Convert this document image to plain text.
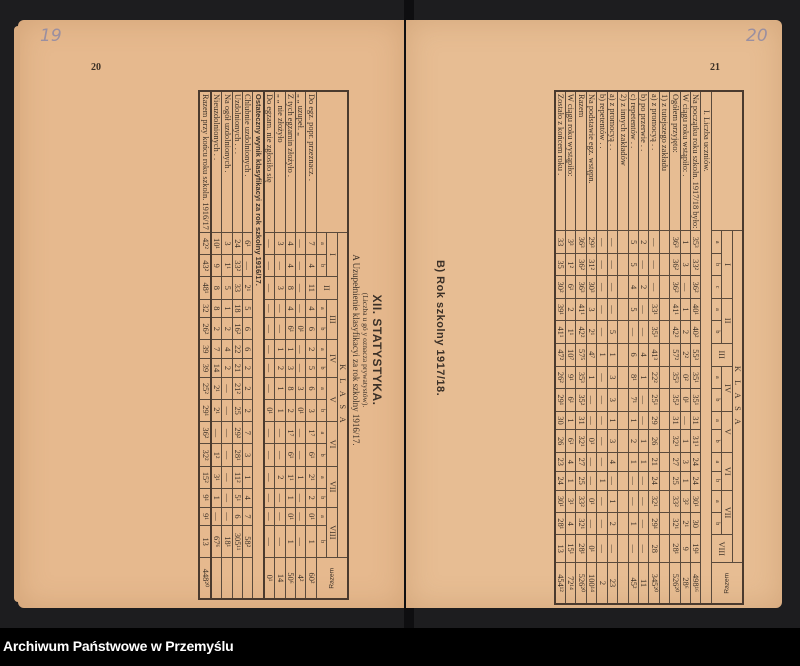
19
20
XII. STATYSTYKA.
(Liczba u gó y oznacza prywatystów).
A Uzupełnienie klasyfikacyi za rok szkolny 1916/17.
	K L A S A															Razem
	I		II	III		IV		V		VI		VII		VIII		
	a	b		a	b	a	b	a	b	a	b	a	b	a	b	
Do egz. popr. przeznacz. .	7	4	11	4	6	2	5	6	3	1⁷	6¹	2¹	2	0¹	1	60²
„ „ uzupeł. „	—	—	—	—	0¹	—	—	3	0¹	—	—	1	—	—	—	4²
Z tych egzamin złożyło .	4	4	8	4	6¹	1	3	8	2	1⁷	6¹	1¹	1	0¹	1	50⁶
„ „ nie złożyło	3	—	3	—	—	1	2	1	1	—	—	2	—	—	—	14
Do egzam. nie zgłosiło się	—	—	—	—	—	—	—	—	0¹	—	—	—	—	—	—	0¹
Ostateczny wynik klasyfikacyi za rok szkolny 1916/17.																
Chlubnie uzdolnionych .	6¹	—	2¹	5	6	6	2	2	2	7	3	1	4	7	58²	
Uzdolnionych . . .	24	33²	33	18	16²	22	21	21²	25	29²	28¹	11²	5¹	6	305¹¹	
Na ogół uzdolnionych .	3	1¹	5	1	2	4	2	—	—	—	—	—	—	—	18¹	
Nieuzdolnionych . .	10¹	9	8	8	2	7	14	2¹	2¹	—	1²	3¹	1	—	67⁶	
Razem przy końcu roku szkoln. 1916/17	42²	43²	48¹	32	26²	39	39	25²	29¹	36²	32²	15²	9¹	9¹	13	448²⁰
20
21
	K L A S A															Razem
	I			II		III	IV		V		VI		VII		VIII	
	a	b	c	a	b		a	b	a	b	a	b	a	b		
I. Liczba uczniów.																
Na początku roku szkoln. 1917/18 było:	35³	33²	36²	40¹	40²	55³	35¹	35¹	31	31¹	24	24	30¹	30	19¹	498¹⁶
W ciągu roku wstąpiło: .	1	3	—	1	2	2²	0²	0¹	—	1	3	1	3²	2¹	9	28⁶
Ogółem przyjęto:	36³	36²	36²	41¹	42²	57²	35³	35²	31	32¹	27	25	33²	32¹	28¹	526²⁰
1) z tutejszego zakładu																
a) z promocyą . .	—	—	—	33¹	35¹	41³	22²	25¹	29	26	21	24	32¹	29¹	28	345²⁰
b) po przerwie . .	2	—	2	—	—	4	1	—	—	1	1	—	—	—	—	11
c) repetentów . .	5	5	4	5	—	6	8¹	7¹	1	2	1	—	—	1	—	45²
2) z innych zakładów																
a) z promocyą . .	—	—	—	—	5	1	3	3	1	3	4	—	1	2	—	23
b) repetentów . .	—	—	—	—	—	1	—	—	—	—	—	1	—	—	—	2
Na podstawie egz. wstępn.	29³	31²	30³	3	2¹	4⁷	1	—	—	0¹	—	—	0¹	—	0¹	100¹⁴
Razem	36³	36²	36³	41¹	42²	57⁵	35³	35²	31	32¹	27	25	33²	32¹	28¹	526²⁰
W ciągu roku wystąpiło:	3³	1²	6¹	2	1¹	10⁷	9¹	6¹	1	6¹	4	1	3¹	4	15¹	72¹⁴
Zostało z końcem roku .	33	35	30²	39¹	41¹	47²	26²	29¹	30	26	23	24	30¹	28¹	13	454¹²
B) Rok szkolny 1917/18.
Archiwum Państwowe w Przemyślu
